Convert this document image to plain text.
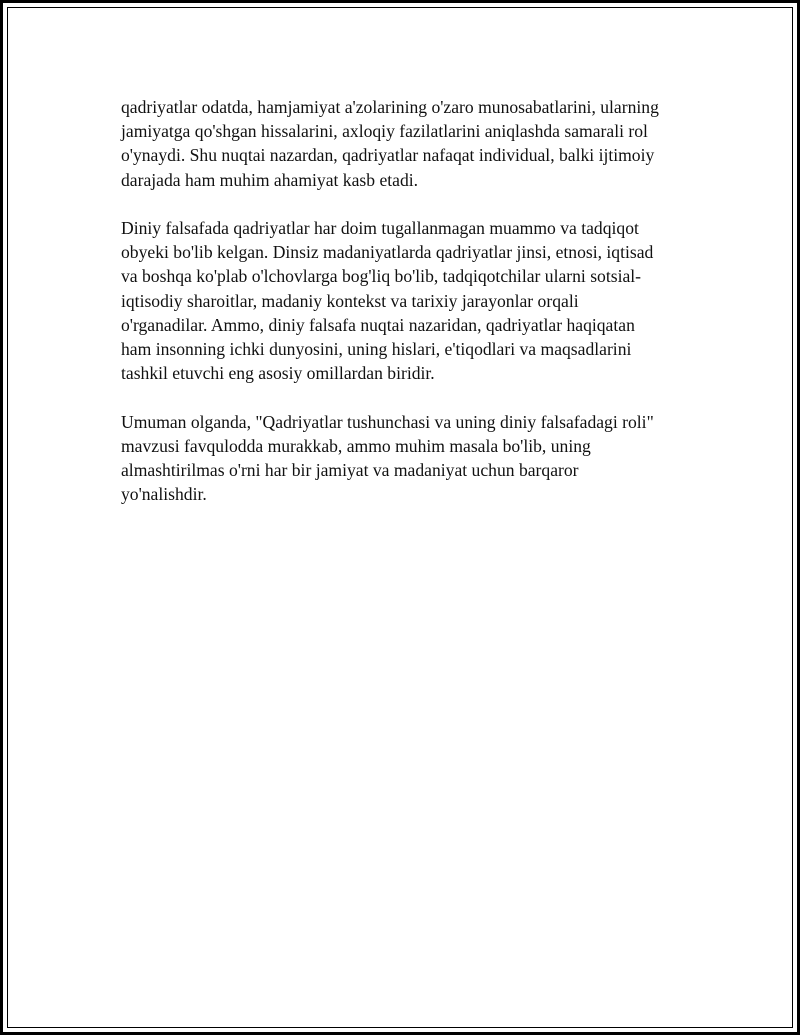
qadriyatlar odatda, hamjamiyat a'zolarining o'zaro munosabatlarini, ularning
jamiyatga qo'shgan hissalarini, axloqiy fazilatlarini aniqlashda samarali rol
o'ynaydi. Shu nuqtai nazardan, qadriyatlar nafaqat individual, balki ijtimoiy
darajada ham muhim ahamiyat kasb etadi.

Diniy falsafada qadriyatlar har doim tugallanmagan muammo va tadqiqot
obyeki bo'lib kelgan. Dinsiz madaniyatlarda qadriyatlar jinsi, etnosi, iqtisad
va boshqa ko'plab o'lchovlarga bog'liq bo'lib, tadqiqotchilar ularni sotsial-
iqtisodiy sharoitlar, madaniy kontekst va tarixiy jarayonlar orqali
o'rganadilar. Ammo, diniy falsafa nuqtai nazaridan, qadriyatlar haqiqatan
ham insonning ichki dunyosini, uning hislari, e'tiqodlari va maqsadlarini
tashkil etuvchi eng asosiy omillardan biridir.

Umuman olganda, "Qadriyatlar tushunchasi va uning diniy falsafadagi roli"
mavzusi favqulodda murakkab, ammo muhim masala bo'lib, uning
almashtirilmas o'rni har bir jamiyat va madaniyat uchun barqaror
yo'nalishdir.
